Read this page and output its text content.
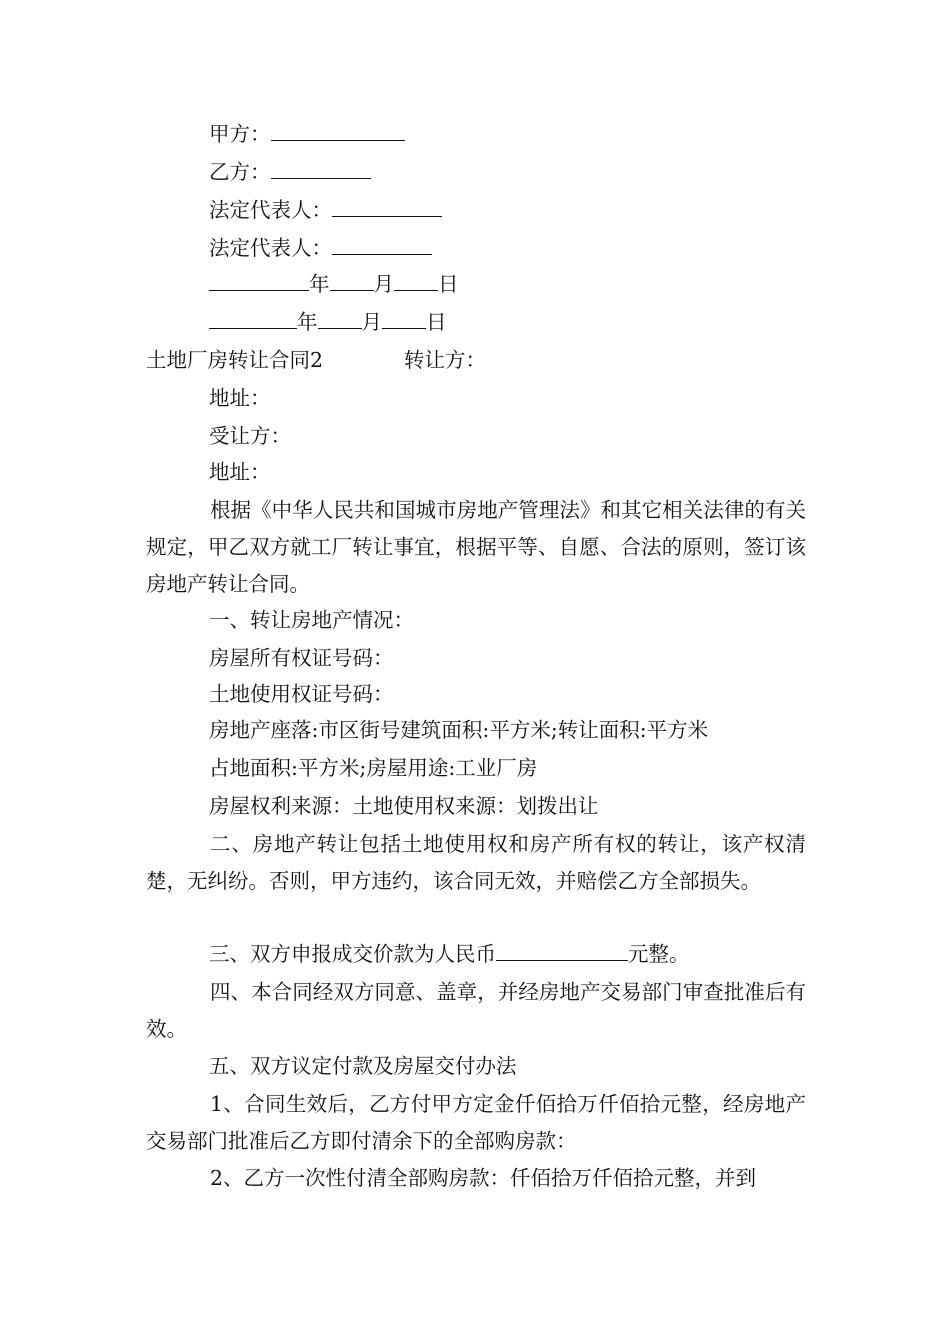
甲方：
乙方：
法定代表人：
法定代表人：
年 月 日
年 月 日
土地厂房转让合同2	转让方：
地址：
受让方：
地址：
根据《中华人民共和国城市房地产管理法》和其它相关法律的有关规定，甲乙双方就工厂转让事宜，根据平等、自愿、合法的原则，签订该房地产转让合同。
一、转让房地产情况：
房屋所有权证号码：
土地使用权证号码：
房地产座落:市区街号建筑面积:平方米;转让面积:平方米
占地面积:平方米;房屋用途:工业厂房
房屋权利来源：土地使用权来源：划拨出让
二、房地产转让包括土地使用权和房产所有权的转让，该产权清楚，无纠纷。否则，甲方违约，该合同无效，并赔偿乙方全部损失。
三、双方申报成交价款为人民币	元整。
四、本合同经双方同意、盖章，并经房地产交易部门审查批准后有效。
五、双方议定付款及房屋交付办法
1、合同生效后，乙方付甲方定金仟佰拾万仟佰拾元整，经房地产交易部门批准后乙方即付清余下的全部购房款：
2、乙方一次性付清全部购房款：仟佰拾万仟佰拾元整，并到
